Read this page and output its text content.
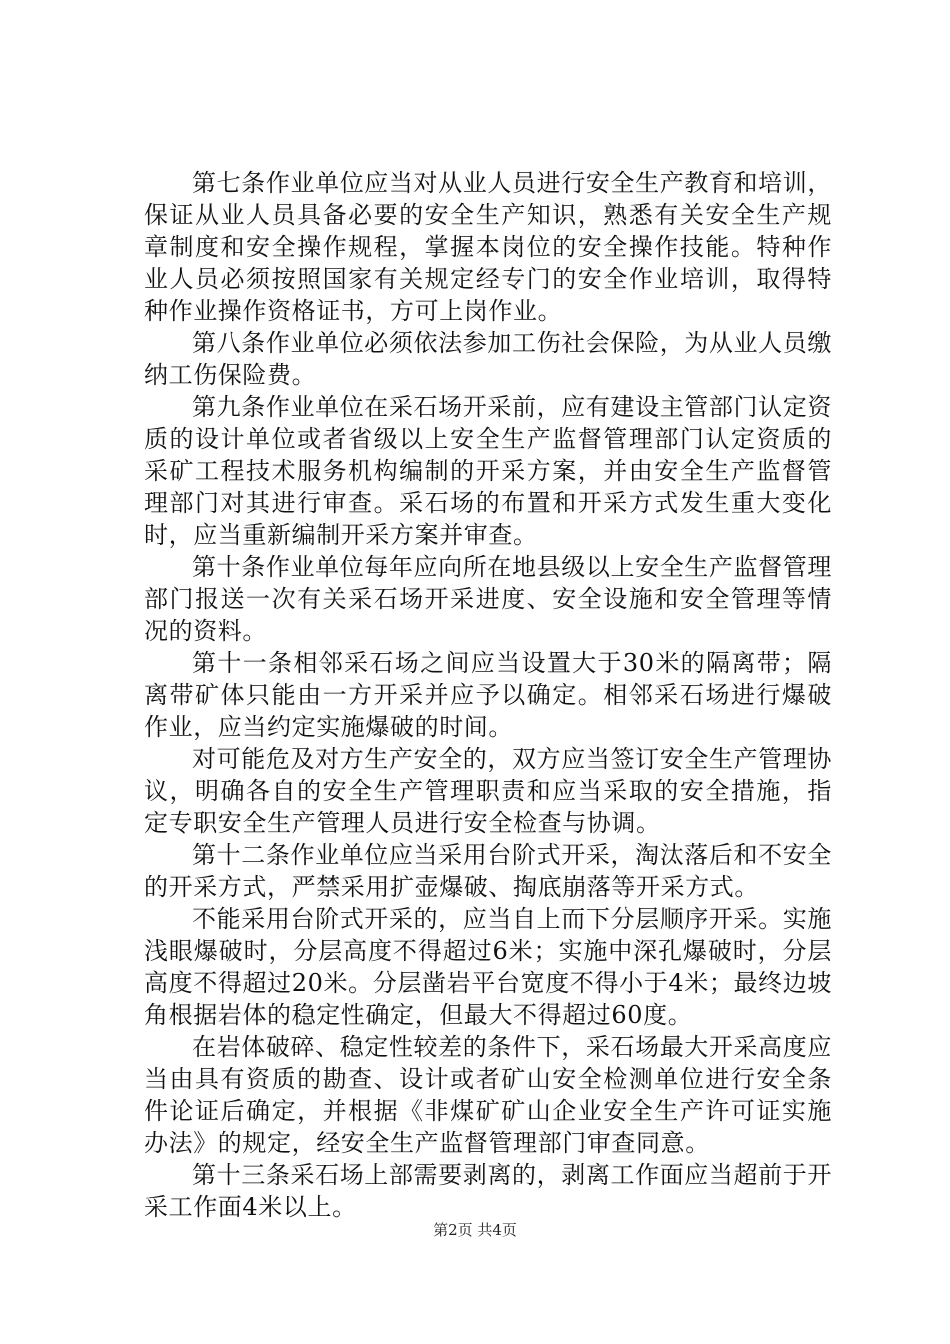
第七条作业单位应当对从业人员进行安全生产教育和培训，保证从业人员具备必要的安全生产知识，熟悉有关安全生产规章制度和安全操作规程，掌握本岗位的安全操作技能。特种作业人员必须按照国家有关规定经专门的安全作业培训，取得特种作业操作资格证书，方可上岗作业。

第八条作业单位必须依法参加工伤社会保险，为从业人员缴纳工伤保险费。

第九条作业单位在采石场开采前，应有建设主管部门认定资质的设计单位或者省级以上安全生产监督管理部门认定资质的采矿工程技术服务机构编制的开采方案，并由安全生产监督管理部门对其进行审查。采石场的布置和开采方式发生重大变化时，应当重新编制开采方案并审查。

第十条作业单位每年应向所在地县级以上安全生产监督管理部门报送一次有关采石场开采进度、安全设施和安全管理等情况的资料。

第十一条相邻采石场之间应当设置大于30米的隔离带；隔离带矿体只能由一方开采并应予以确定。相邻采石场进行爆破作业，应当约定实施爆破的时间。

对可能危及对方生产安全的，双方应当签订安全生产管理协议，明确各自的安全生产管理职责和应当采取的安全措施，指定专职安全生产管理人员进行安全检查与协调。

第十二条作业单位应当采用台阶式开采，淘汰落后和不安全的开采方式，严禁采用扩壶爆破、掏底崩落等开采方式。

不能采用台阶式开采的，应当自上而下分层顺序开采。实施浅眼爆破时，分层高度不得超过6米；实施中深孔爆破时，分层高度不得超过20米。分层凿岩平台宽度不得小于4米；最终边坡角根据岩体的稳定性确定，但最大不得超过60度。

在岩体破碎、稳定性较差的条件下，采石场最大开采高度应当由具有资质的勘查、设计或者矿山安全检测单位进行安全条件论证后确定，并根据《非煤矿矿山企业安全生产许可证实施办法》的规定，经安全生产监督管理部门审查同意。

第十三条采石场上部需要剥离的，剥离工作面应当超前于开采工作面4米以上。

第2页 共4页
